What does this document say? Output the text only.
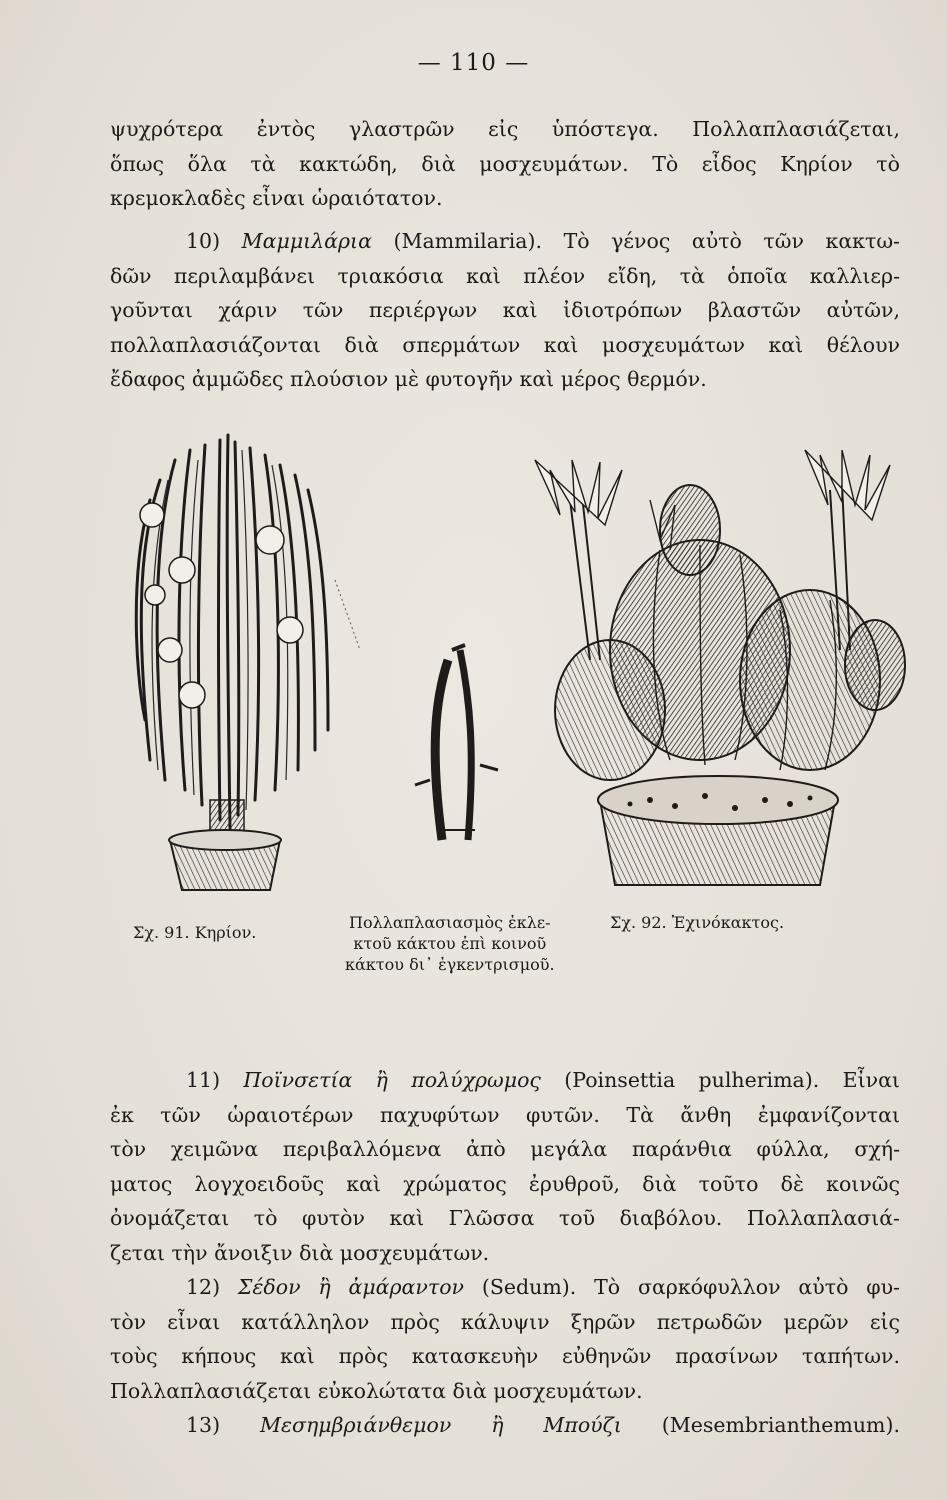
— 110 —
ψυχρότερα ἐντὸς γλαστρῶν εἰς ὑπόστεγα. Πολλαπλασιάζεται,
ὅπως ὅλα τὰ κακτώδη, διὰ μοσχευμάτων. Τὸ εἶδος Κηρίον τὸ
κρεμοκλαδὲς εἶναι ὡραιότατον.
10) Μαμμιλάρια (Mammilaria). Τὸ γένος αὐτὸ τῶν κακτω-
δῶν περιλαμβάνει τριακόσια καὶ πλέον εἴδη, τὰ ὁποῖα καλλιερ-
γοῦνται χάριν τῶν περιέργων καὶ ἰδιοτρόπων βλαστῶν αὐτῶν,
πολλαπλασιάζονται διὰ σπερμάτων καὶ μοσχευμάτων καὶ θέλουν
ἔδαφος ἀμμῶδες πλούσιον μὲ φυτογῆν καὶ μέρος θερμόν.
Σχ. 91. Κηρίον.
Πολλαπλασιασμὸς ἐκλε-
κτοῦ κάκτου ἐπὶ κοινοῦ
κάκτου δι᾿ ἐγκεντρισμοῦ.
Σχ. 92. Ἐχινόκακτος.
11) Ποϊνσετία ἢ πολύχρωμος (Poinsettia pulherima). Εἶναι
ἐκ τῶν ὡραιοτέρων παχυφύτων φυτῶν. Τὰ ἄνθη ἐμφανίζονται
τὸν χειμῶνα περιβαλλόμενα ἀπὸ μεγάλα παράνθια φύλλα, σχή-
ματος λογχοειδοῦς καὶ χρώματος ἐρυθροῦ, διὰ τοῦτο δὲ κοινῶς
ὀνομάζεται τὸ φυτὸν καὶ Γλῶσσα τοῦ διαβόλου. Πολλαπλασιά-
ζεται τὴν ἄνοιξιν διὰ μοσχευμάτων.
12) Σέδον ἢ ἀμάραντον (Sedum). Τὸ σαρκόφυλλον αὐτὸ φυ-
τὸν εἶναι κατάλληλον πρὸς κάλυψιν ξηρῶν πετρωδῶν μερῶν εἰς
τοὺς κήπους καὶ πρὸς κατασκευὴν εὐθηνῶν πρασίνων ταπήτων.
Πολλαπλασιάζεται εὐκολώτατα διὰ μοσχευμάτων.
13) Μεσημβριάνθεμον ἢ Μπούζι (Mesembrianthemum).
